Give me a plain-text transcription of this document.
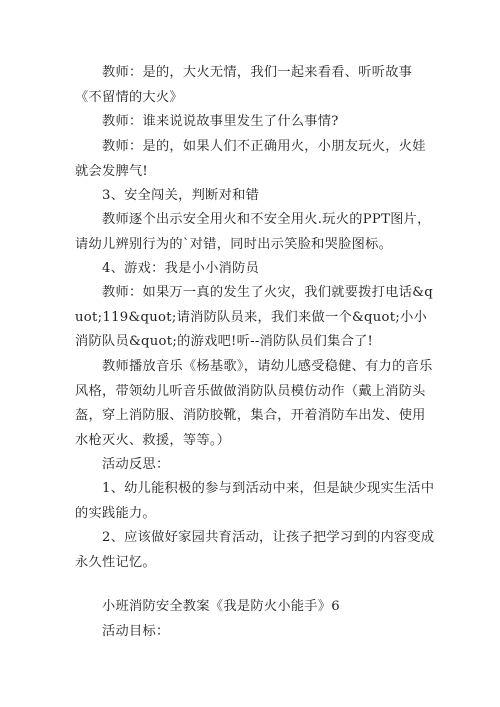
教师：是的，大火无情，我们一起来看看、听听故事《不留情的大火》

教师：谁来说说故事里发生了什么事情?

教师：是的，如果人们不正确用火，小朋友玩火，火娃就会发脾气!

3、安全闯关，判断对和错

教师逐个出示安全用火和不安全用火.玩火的PPT图片，请幼儿辨别行为的`对错，同时出示笑脸和哭脸图标。

4、游戏：我是小小消防员

教师：如果万一真的发生了火灾，我们就要拨打电话&quot;119&quot;请消防队员来，我们来做一个&quot;小小消防队员&quot;的游戏吧!听--消防队员们集合了!

教师播放音乐《杨基歌》，请幼儿感受稳健、有力的音乐风格，带领幼儿听音乐做做消防队员模仿动作（戴上消防头盔，穿上消防服、消防胶靴，集合，开着消防车出发、使用水枪灭火、救援，等等。）

活动反思：

1、幼儿能积极的参与到活动中来，但是缺少现实生活中的实践能力。

2、应该做好家园共育活动，让孩子把学习到的内容变成永久性记忆。

小班消防安全教案《我是防火小能手》6

活动目标：
